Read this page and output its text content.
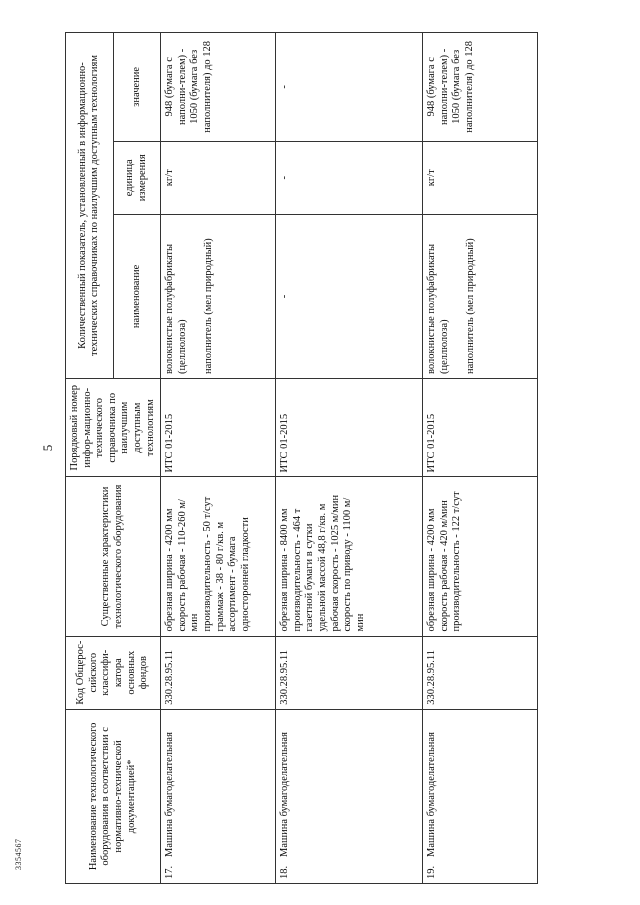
5
3354567	Наименование технологического оборудования в соответствии с нормативно-технической документацией*	Код Общерос-сийского классифи-катора основных фондов	Существенные характеристики технологического оборудования	Порядковый номер инфор-мационно-технического справочника по наилучшим доступным технологиям	Количественный показатель, установленный в информационно-технических справочниках по наилучшим доступным технологиям		
				наименование	единица измерения	значение
17.Машина бумагоделательная	330.28.95.11	обрезная ширина - 4200 мм скорость рабочая - 110-260 м/мин производительность - 50 т/сут граммаж - 38 - 80 г/кв. м ассортимент - бумага односторонней гладкости	ИТС 01-2015	волокнистые полуфабрикаты (целлюлоза) наполнитель (мел природный)	кг/т	948 (бумага с наполни-телем) - 1050 (бумага без наполнителя) до 128
18.Машина бумагоделательная	330.28.95.11	обрезная ширина - 8400 мм производительность - 464 т газетной бумаги в сутки удельной массой 48,8 г/кв. м рабочая скорость - 1025 м/мин скорость по приводу - 1100 м/мин	ИТС 01-2015	-	-	-
19.Машина бумагоделательная	330.28.95.11	обрезная ширина - 4200 мм скорость рабочая - 420 м/мин производительность - 122 т/сут	ИТС 01-2015	волокнистые полуфабрикаты (целлюлоза) наполнитель (мел природный)	кг/т	948 (бумага с наполни-телем) - 1050 (бумага без наполнителя) до 128
